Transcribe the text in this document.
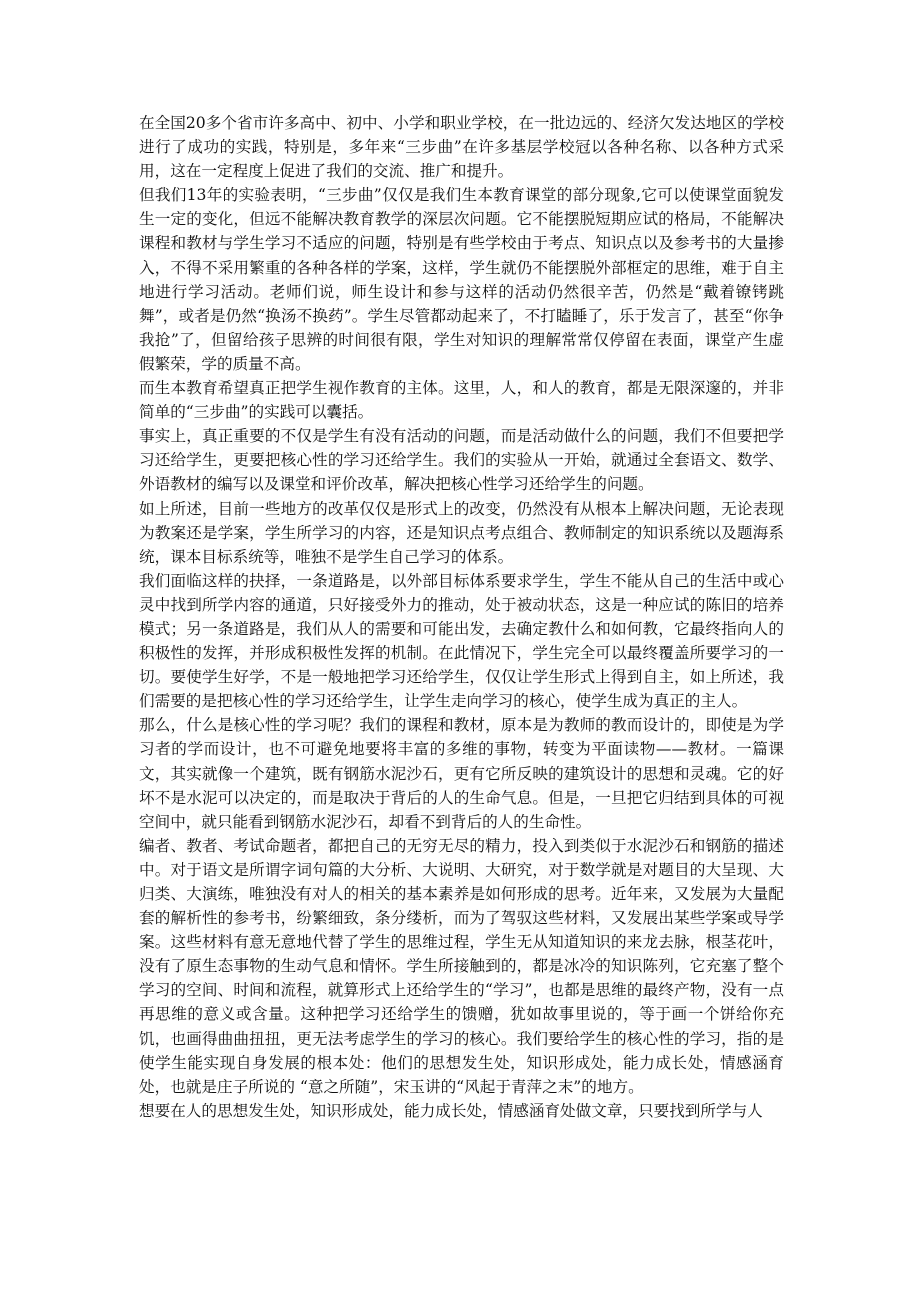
在全国20多个省市许多高中、初中、小学和职业学校，在一批边远的、经济欠发达地区的学校进行了成功的实践，特别是，多年来“三步曲”在许多基层学校冠以各种名称、以各种方式采用，这在一定程度上促进了我们的交流、推广和提升。

但我们13年的实验表明，“三步曲”仅仅是我们生本教育课堂的部分现象,它可以使课堂面貌发生一定的变化，但远不能解决教育教学的深层次问题。它不能摆脱短期应试的格局，不能解决课程和教材与学生学习不适应的问题，特别是有些学校由于考点、知识点以及参考书的大量掺入，不得不采用繁重的各种各样的学案，这样，学生就仍不能摆脱外部框定的思维，难于自主地进行学习活动。老师们说，师生设计和参与这样的活动仍然很辛苦，仍然是“戴着镣铐跳舞”，或者是仍然“换汤不换药”。学生尽管都动起来了，不打瞌睡了，乐于发言了，甚至“你争我抢”了，但留给孩子思辨的时间很有限，学生对知识的理解常常仅停留在表面，课堂产生虚假繁荣，学的质量不高。

而生本教育希望真正把学生视作教育的主体。这里，人，和人的教育，都是无限深邃的，并非简单的“三步曲”的实践可以囊括。

事实上，真正重要的不仅是学生有没有活动的问题，而是活动做什么的问题，我们不但要把学习还给学生，更要把核心性的学习还给学生。我们的实验从一开始，就通过全套语文、数学、外语教材的编写以及课堂和评价改革，解决把核心性学习还给学生的问题。

如上所述，目前一些地方的改革仅仅是形式上的改变，仍然没有从根本上解决问题，无论表现为教案还是学案，学生所学习的内容，还是知识点考点组合、教师制定的知识系统以及题海系统，课本目标系统等，唯独不是学生自己学习的体系。

我们面临这样的抉择，一条道路是，以外部目标体系要求学生，学生不能从自己的生活中或心灵中找到所学内容的通道，只好接受外力的推动，处于被动状态，这是一种应试的陈旧的培养模式；另一条道路是，我们从人的需要和可能出发，去确定教什么和如何教，它最终指向人的积极性的发挥，并形成积极性发挥的机制。在此情况下，学生完全可以最终覆盖所要学习的一切。要使学生好学，不是一般地把学习还给学生，仅仅让学生形式上得到自主，如上所述，我们需要的是把核心性的学习还给学生，让学生走向学习的核心，使学生成为真正的主人。

那么，什么是核心性的学习呢？我们的课程和教材，原本是为教师的教而设计的，即使是为学习者的学而设计，也不可避免地要将丰富的多维的事物，转变为平面读物——教材。一篇课文，其实就像一个建筑，既有钢筋水泥沙石，更有它所反映的建筑设计的思想和灵魂。它的好坏不是水泥可以决定的，而是取决于背后的人的生命气息。但是，一旦把它归结到具体的可视空间中，就只能看到钢筋水泥沙石，却看不到背后的人的生命性。

编者、教者、考试命题者，都把自己的无穷无尽的精力，投入到类似于水泥沙石和钢筋的描述中。对于语文是所谓字词句篇的大分析、大说明、大研究，对于数学就是对题目的大呈现、大归类、大演练，唯独没有对人的相关的基本素养是如何形成的思考。近年来，又发展为大量配套的解析性的参考书，纷繁细致，条分缕析，而为了驾驭这些材料，又发展出某些学案或导学案。这些材料有意无意地代替了学生的思维过程，学生无从知道知识的来龙去脉，根茎花叶，没有了原生态事物的生动气息和情怀。学生所接触到的，都是冰冷的知识陈列，它充塞了整个学习的空间、时间和流程，就算形式上还给学生的“学习”，也都是思维的最终产物，没有一点再思维的意义或含量。这种把学习还给学生的馈赠，犹如故事里说的，等于画一个饼给你充饥，也画得曲曲扭扭，更无法考虑学生的学习的核心。我们要给学生的核心性的学习，指的是使学生能实现自身发展的根本处：他们的思想发生处，知识形成处，能力成长处，情感涵育处，也就是庄子所说的 “意之所随”，宋玉讲的“风起于青萍之末”的地方。

想要在人的思想发生处，知识形成处，能力成长处，情感涵育处做文章，只要找到所学与人
